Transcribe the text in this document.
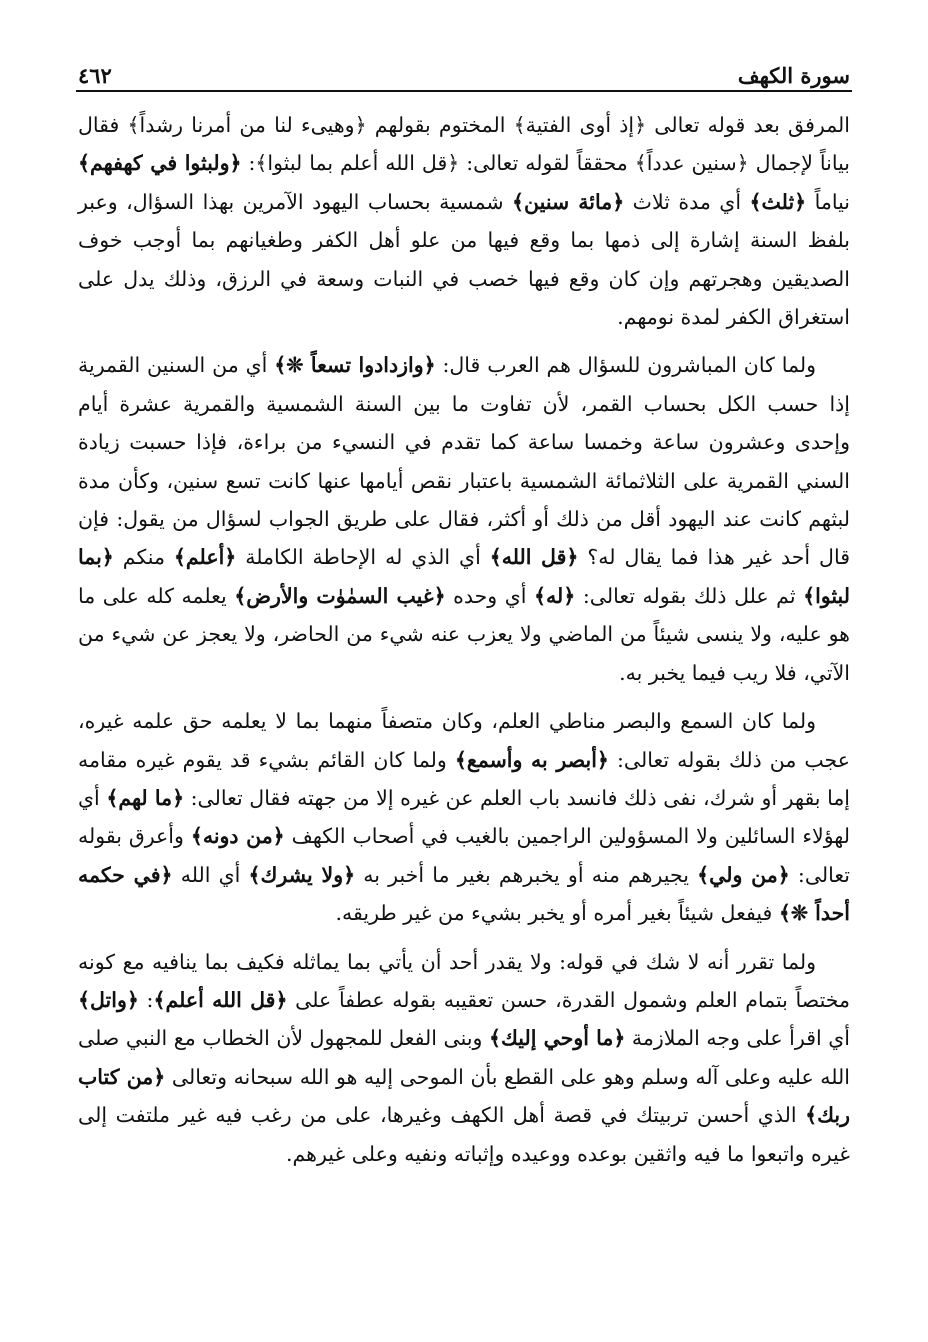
٤٦٢	سورة الكهف

المرفق بعد قوله تعالى ﴿إذ أوى الفتية﴾ المختوم بقولهم ﴿وهيىء لنا من أمرنا رشداً﴾ فقال بياناً لإجمال ﴿سنين عدداً﴾ محققاً لقوله تعالى: ﴿قل الله أعلم بما لبثوا﴾: ﴿ولبثوا في كهفهم﴾ نياماً ﴿ثلث﴾ أي مدة ثلاث ﴿مائة سنين﴾ شمسية بحساب اليهود الآمرين بهذا السؤال، وعبر بلفظ السنة إشارة إلى ذمها بما وقع فيها من علو أهل الكفر وطغيانهم بما أوجب خوف الصديقين وهجرتهم وإن كان وقع فيها خصب في النبات وسعة في الرزق، وذلك يدل على استغراق الكفر لمدة نومهم.

ولما كان المباشرون للسؤال هم العرب قال: ﴿وازدادوا تسعاً ❊﴾ أي من السنين القمرية إذا حسب الكل بحساب القمر، لأن تفاوت ما بين السنة الشمسية والقمرية عشرة أيام وإحدى وعشرون ساعة وخمسا ساعة كما تقدم في النسيء من براءة، فإذا حسبت زيادة السني القمرية على الثلاثمائة الشمسية باعتبار نقص أيامها عنها كانت تسع سنين، وكأن مدة لبثهم كانت عند اليهود أقل من ذلك أو أكثر، فقال على طريق الجواب لسؤال من يقول: فإن قال أحد غير هذا فما يقال له؟ ﴿قل الله﴾ أي الذي له الإحاطة الكاملة ﴿أعلم﴾ منكم ﴿بما لبثوا﴾ ثم علل ذلك بقوله تعالى: ﴿له﴾ أي وحده ﴿غيب السمٰوٰت والأرض﴾ يعلمه كله على ما هو عليه، ولا ينسى شيئاً من الماضي ولا يعزب عنه شيء من الحاضر، ولا يعجز عن شيء من الآتي، فلا ريب فيما يخبر به.

ولما كان السمع والبصر مناطي العلم، وكان متصفاً منهما بما لا يعلمه حق علمه غيره، عجب من ذلك بقوله تعالى: ﴿أبصر به وأسمع﴾ ولما كان القائم بشيء قد يقوم غيره مقامه إما بقهر أو شرك، نفى ذلك فانسد باب العلم عن غيره إلا من جهته فقال تعالى: ﴿ما لهم﴾ أي لهؤلاء السائلين ولا المسؤولين الراجمين بالغيب في أصحاب الكهف ﴿من دونه﴾ وأعرق بقوله تعالى: ﴿من ولي﴾ يجيرهم منه أو يخبرهم بغير ما أخبر به ﴿ولا يشرك﴾ أي الله ﴿في حكمه أحداً ❊﴾ فيفعل شيئاً بغير أمره أو يخبر بشيء من غير طريقه.

ولما تقرر أنه لا شك في قوله: ولا يقدر أحد أن يأتي بما يماثله فكيف بما ينافيه مع كونه مختصاً بتمام العلم وشمول القدرة، حسن تعقيبه بقوله عطفاً على ﴿قل الله أعلم﴾: ﴿واتل﴾ أي اقرأ على وجه الملازمة ﴿ما أوحي إليك﴾ وبنى الفعل للمجهول لأن الخطاب مع النبي صلى الله عليه وعلى آله وسلم وهو على القطع بأن الموحى إليه هو الله سبحانه وتعالى ﴿من كتاب ربك﴾ الذي أحسن تربيتك في قصة أهل الكهف وغيرها، على من رغب فيه غير ملتفت إلى غيره واتبعوا ما فيه واثقين بوعده ووعيده وإثباته ونفيه وعلى غيرهم.
